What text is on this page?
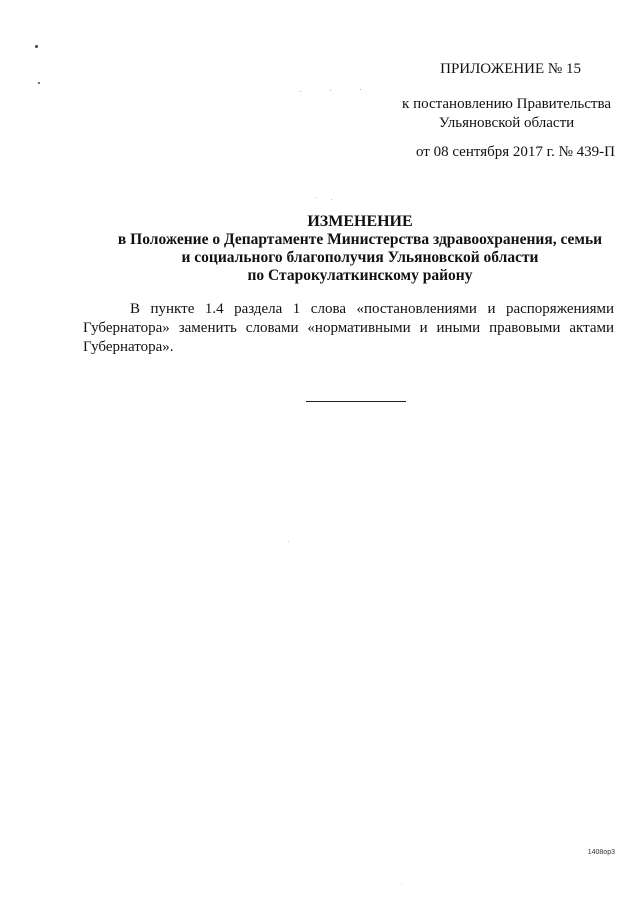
ПРИЛОЖЕНИЕ № 15
к постановлению Правительства
Ульяновской области
от 08 сентября 2017 г. № 439-П
ИЗМЕНЕНИЕ
в Положение о Департаменте Министерства здравоохранения, семьи
и социального благополучия Ульяновской области
по Старокулаткинскому району

В пункте 1.4 раздела 1 слова «постановлениями и распоряжениями Губернатора» заменить словами «нормативными и иными правовыми актами Губернатора».

1408ор3
